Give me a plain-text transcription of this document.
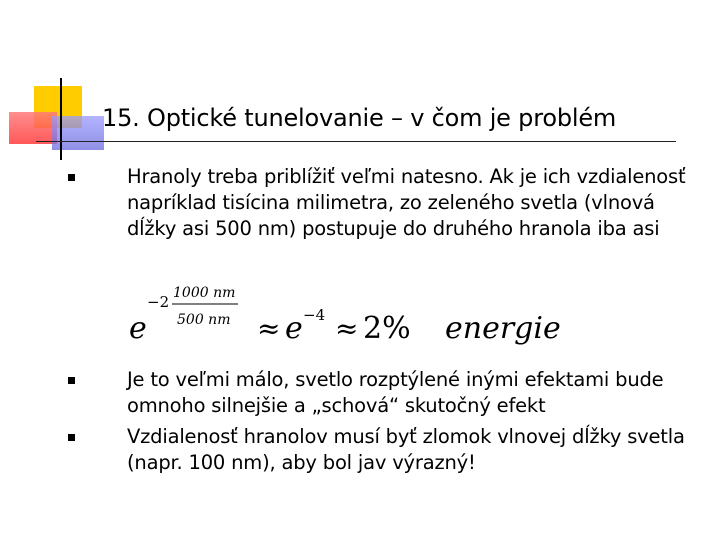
15. Optické tunelovanie – v čom je problém
Hranoly treba priblížiť veľmi natesno. Ak je ich vzdialenosť napríklad tisícina milimetra, zo zeleného svetla (vlnová dĺžky asi 500 nm) postupuje do druhého hranola iba asi
e
−2 1000 nm
500 nm ≈ e −4 ≈ 2% energie
Je to veľmi málo, svetlo rozptýlené inými efektami bude omnoho silnejšie a „schová“ skutočný efekt
Vzdialenosť hranolov musí byť zlomok vlnovej dĺžky svetla (napr. 100 nm), aby bol jav výrazný!
